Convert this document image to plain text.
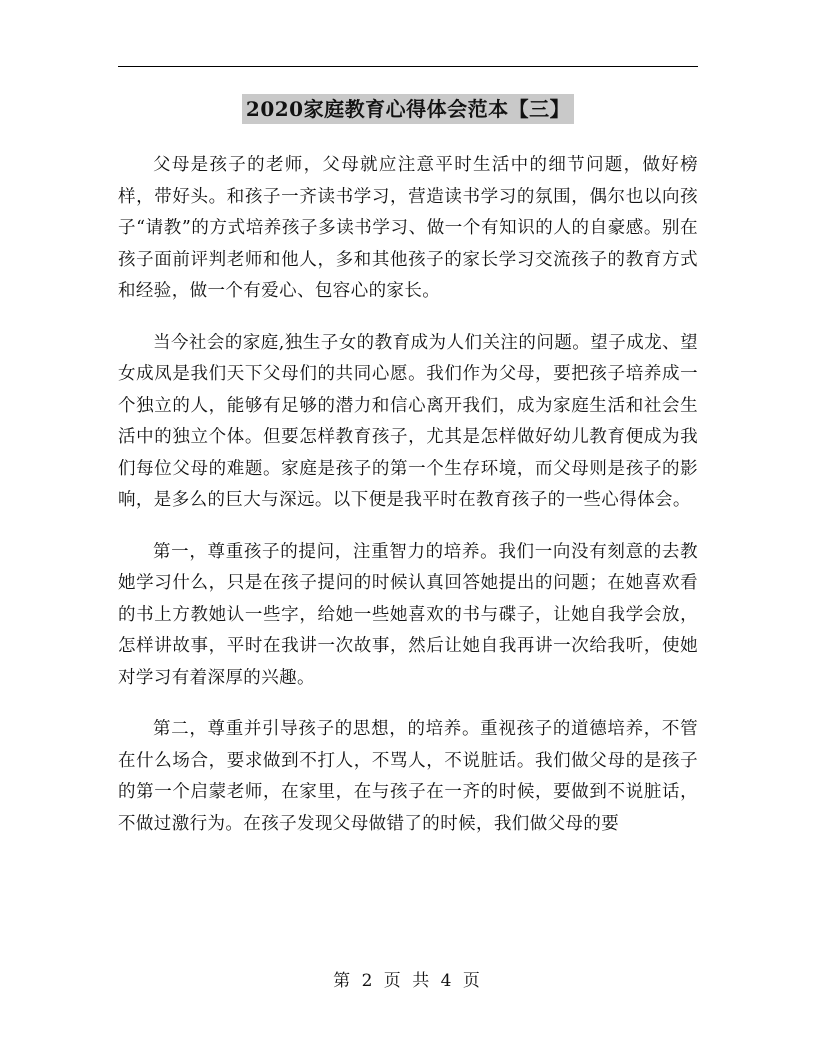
2020家庭教育心得体会范本【三】

父母是孩子的老师，父母就应注意平时生活中的细节问题，做好榜样，带好头。和孩子一齐读书学习，营造读书学习的氛围，偶尔也以向孩子“请教”的方式培养孩子多读书学习、做一个有知识的人的自豪感。别在孩子面前评判老师和他人，多和其他孩子的家长学习交流孩子的教育方式和经验，做一个有爱心、包容心的家长。

当今社会的家庭,独生子女的教育成为人们关注的问题。望子成龙、望女成凤是我们天下父母们的共同心愿。我们作为父母，要把孩子培养成一个独立的人，能够有足够的潜力和信心离开我们，成为家庭生活和社会生活中的独立个体。但要怎样教育孩子，尤其是怎样做好幼儿教育便成为我们每位父母的难题。家庭是孩子的第一个生存环境，而父母则是孩子的影响，是多么的巨大与深远。以下便是我平时在教育孩子的一些心得体会。

第一，尊重孩子的提问，注重智力的培养。我们一向没有刻意的去教她学习什么，只是在孩子提问的时候认真回答她提出的问题；在她喜欢看的书上方教她认一些字，给她一些她喜欢的书与碟子，让她自我学会放，怎样讲故事，平时在我讲一次故事，然后让她自我再讲一次给我听，使她对学习有着深厚的兴趣。

第二，尊重并引导孩子的思想，的培养。重视孩子的道德培养，不管在什么场合，要求做到不打人，不骂人，不说脏话。我们做父母的是孩子的第一个启蒙老师，在家里，在与孩子在一齐的时候，要做到不说脏话，不做过激行为。在孩子发现父母做错了的时候，我们做父母的要

第 2 页 共 4 页
